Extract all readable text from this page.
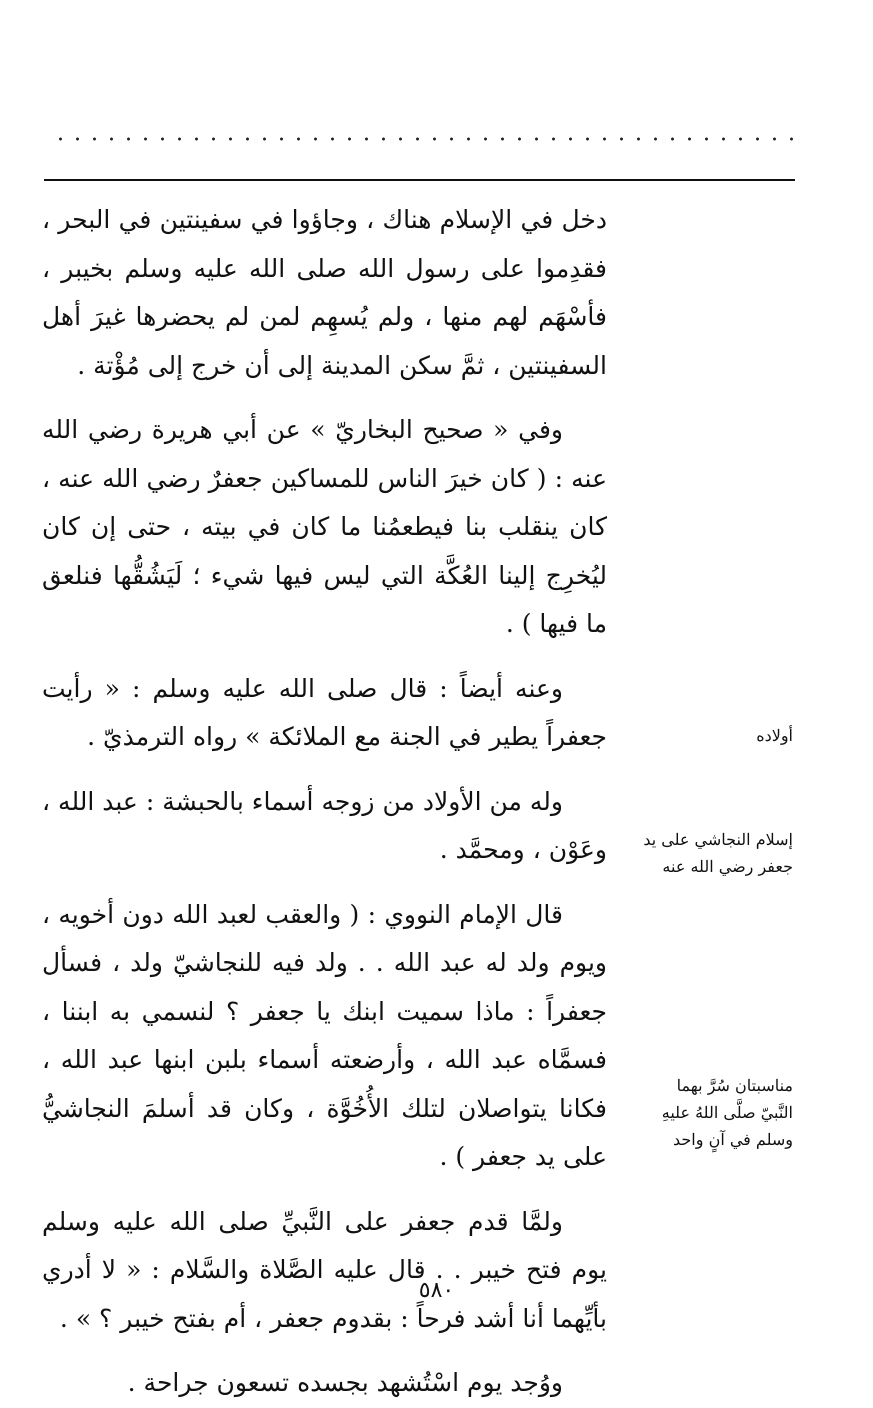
دخل في الإسلام هناك ، وجاؤوا في سفينتين في البحر ، فقدِموا على رسول الله صلى الله عليه وسلم بخيبر ، فأسْهَم لهم منها ، ولم يُسهِم لمن لم يحضرها غيرَ أهل السفينتين ، ثمَّ سكن المدينة إلى أن خرج إلى مُؤْتة .

وفي « صحيح البخاريّ » عن أبي هريرة رضي الله عنه : ( كان خيرَ الناس للمساكين جعفرٌ رضي الله عنه ، كان ينقلب بنا فيطعمُنا ما كان في بيته ، حتى إن كان ليُخرِج إلينا العُكَّة التي ليس فيها شيء ؛ لَيَشُقُّها فنلعق ما فيها ) .

وعنه أيضاً : قال صلى الله عليه وسلم : « رأيت جعفراً يطير في الجنة مع الملائكة » رواه الترمذيّ .

وله من الأولاد من زوجه أسماء بالحبشة : عبد الله ، وعَوْن ، ومحمَّد .

قال الإمام النووي : ( والعقب لعبد الله دون أخويه ، ويوم ولد له عبد الله . . ولد فيه للنجاشيّ ولد ، فسأل جعفراً : ماذا سميت ابنك يا جعفر ؟ لنسمي به ابننا ، فسمَّاه عبد الله ، وأرضعته أسماء بلبن ابنها عبد الله ، فكانا يتواصلان لتلك الأُخُوَّة ، وكان قد أسلمَ النجاشيُّ على يد جعفر ) .

ولمَّا قدم جعفر على النَّبيِّ صلى الله عليه وسلم يوم فتح خيبر . . قال عليه الصَّلاة والسَّلام : « لا أدري بأيِّهما أنا أشد فرحاً : بقدوم جعفر ، أم بفتح خيبر ؟ » .

ووُجد يوم اسْتُشهد بجسده تسعون جراحة .

أولاده
إسلام النجاشي على يد جعفر رضي الله عنه
مناسبتان سُرَّ بهما النَّبيّ صلَّى اللهُ عليهِ وسلم في آنٍ واحد
٥٨٠
